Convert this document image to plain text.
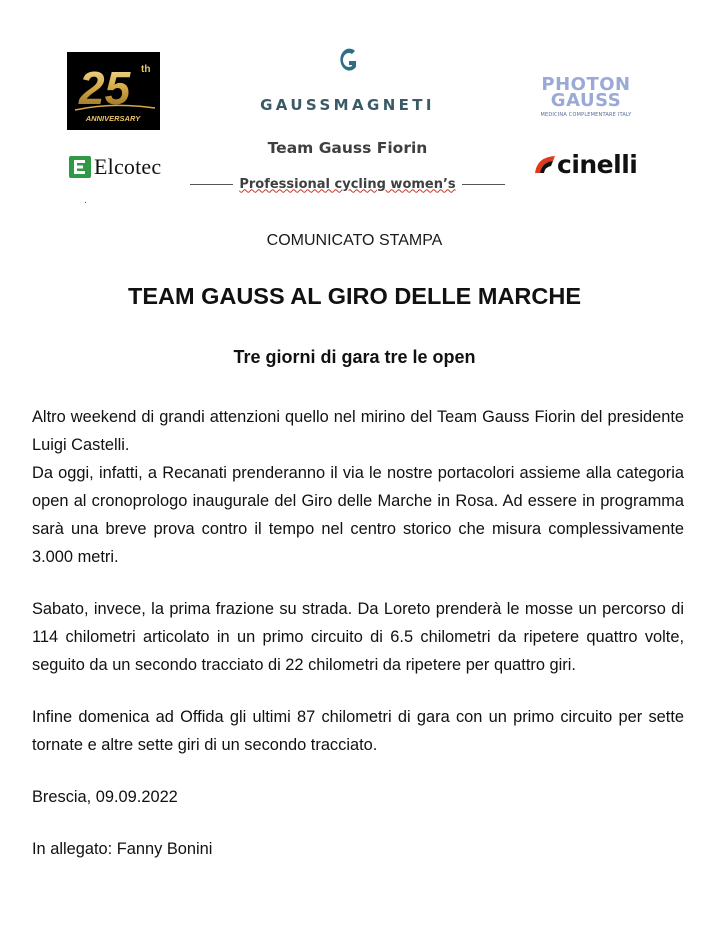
25 th
ANNIVERSARY
Elcotec
GAUSSMAGNETI
Team Gauss Fiorin
Professional cycling women’s
PHOTON
GAUSS
MEDICINA COMPLEMENTARE ITALY
cinelli
.
COMUNICATO STAMPA
TEAM GAUSS AL GIRO DELLE MARCHE
Tre giorni di gara tre le open

Altro weekend di grandi attenzioni quello nel mirino del Team Gauss Fiorin del presidente Luigi Castelli.

Da oggi, infatti, a Recanati prenderanno il via le nostre portacolori assieme alla categoria open al cronoprologo inaugurale del Giro delle Marche in Rosa. Ad essere in programma sarà una breve prova contro il tempo nel centro storico che misura complessivamente 3.000 metri.

Sabato, invece, la prima frazione su strada. Da Loreto prenderà le mosse un percorso di 114 chilometri articolato in un primo circuito di 6.5 chilometri da ripetere quattro volte, seguito da un secondo tracciato di 22 chilometri da ripetere per quattro giri.

Infine domenica ad Offida gli ultimi 87 chilometri di gara con un primo circuito per sette tornate e altre sette giri di un secondo tracciato.

Brescia, 09.09.2022

In allegato: Fanny Bonini
